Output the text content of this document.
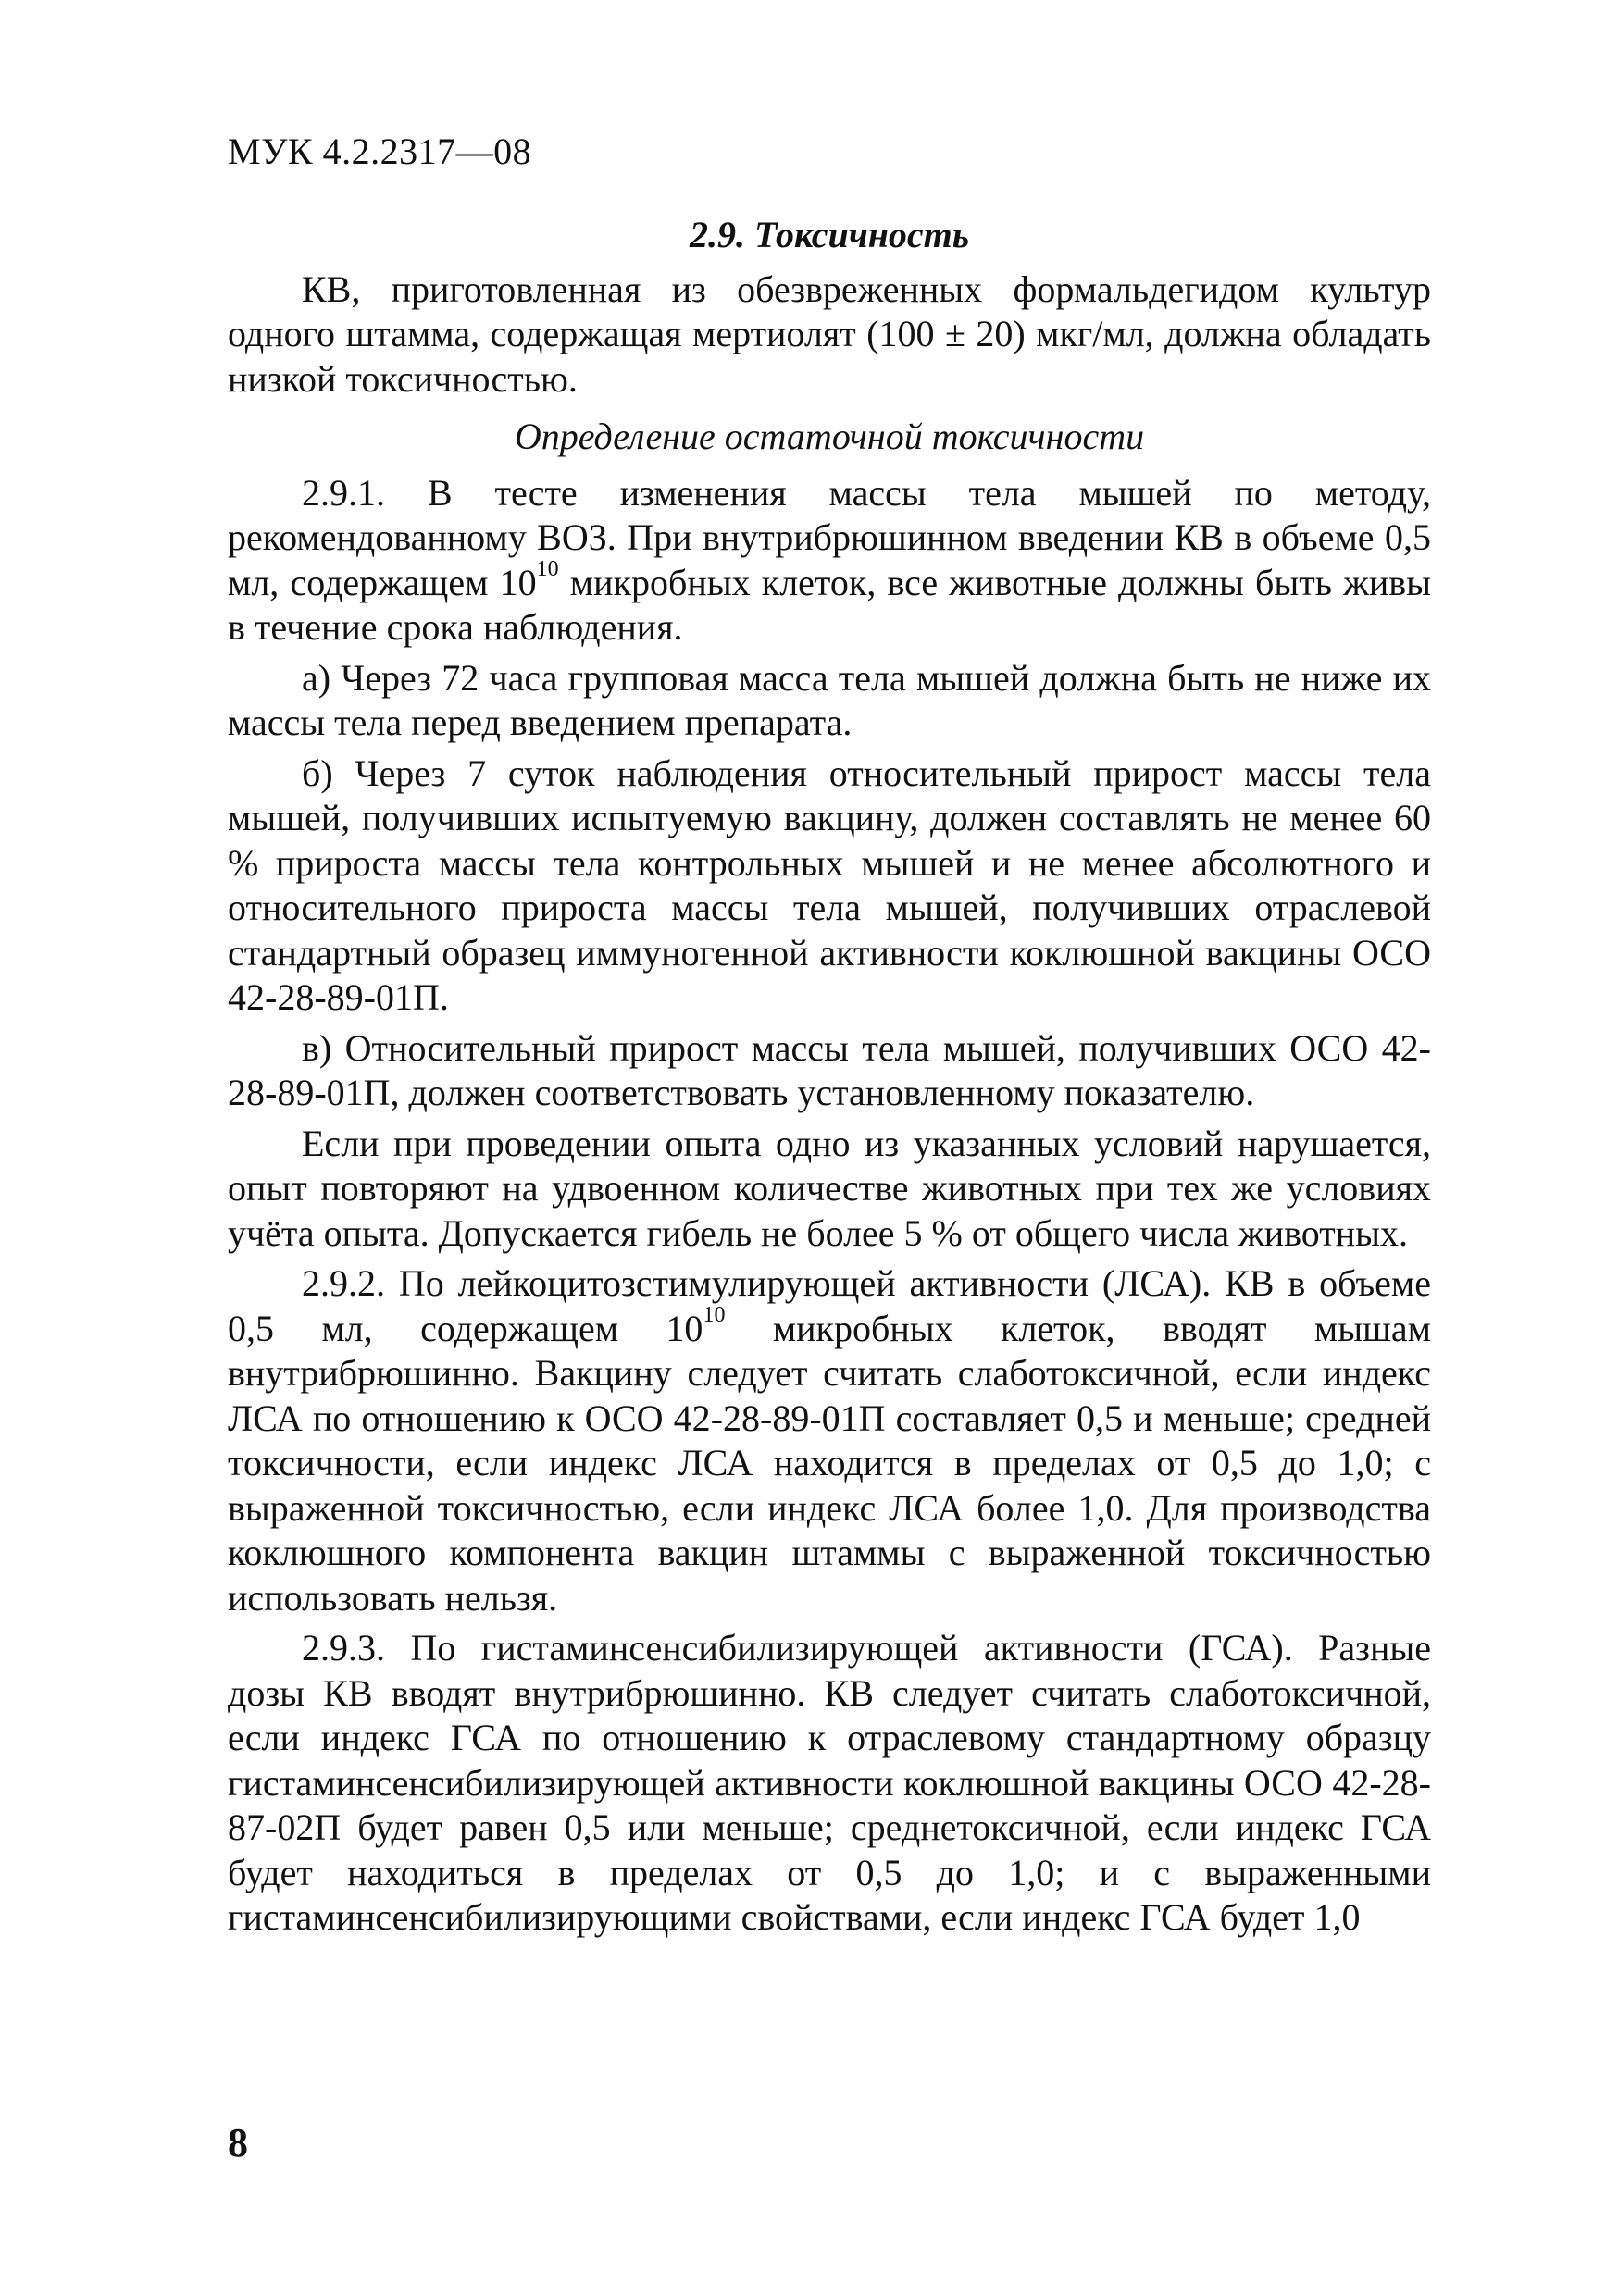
МУК 4.2.2317—08
2.9. Токсичность

КВ, приготовленная из обезвреженных формальдегидом культур одного штамма, содержащая мертиолят (100 ± 20) мкг/мл, должна обладать низкой токсичностью.

Определение остаточной токсичности

2.9.1. В тесте изменения массы тела мышей по методу, рекомендованному ВОЗ. При внутрибрюшинном введении КВ в объеме 0,5 мл, содержащем $10^{10}$ микробных клеток, все животные должны быть живы в течение срока наблюдения.

а) Через 72 часа групповая масса тела мышей должна быть не ниже их массы тела перед введением препарата.

б) Через 7 суток наблюдения относительный прирост массы тела мышей, получивших испытуемую вакцину, должен составлять не менее 60 % прироста массы тела контрольных мышей и не менее абсолютного и относительного прироста массы тела мышей, получивших отраслевой стандартный образец иммуногенной активности коклюшной вакцины ОСО 42-28-89-01П.

в) Относительный прирост массы тела мышей, получивших ОСО 42-28-89-01П, должен соответствовать установленному показателю.

Если при проведении опыта одно из указанных условий нарушается, опыт повторяют на удвоенном количестве животных при тех же условиях учёта опыта. Допускается гибель не более 5 % от общего числа животных.

2.9.2. По лейкоцитозстимулирующей активности (ЛСА). КВ в объеме 0,5 мл, содержащем $10^{10}$ микробных клеток, вводят мышам внутрибрюшинно. Вакцину следует считать слаботоксичной, если индекс ЛСА по отношению к ОСО 42-28-89-01П составляет 0,5 и меньше; средней токсичности, если индекс ЛСА находится в пределах от 0,5 до 1,0; с выраженной токсичностью, если индекс ЛСА более 1,0. Для производства коклюшного компонента вакцин штаммы с выраженной токсичностью использовать нельзя.

2.9.3. По гистаминсенсибилизирующей активности (ГСА). Разные дозы КВ вводят внутрибрюшинно. КВ следует считать слаботоксичной, если индекс ГСА по отношению к отраслевому стандартному образцу гистаминсенсибилизирующей активности коклюшной вакцины ОСО 42-28-87-02П будет равен 0,5 или меньше; среднетоксичной, если индекс ГСА будет находиться в пределах от 0,5 до 1,0; и с выраженными гистаминсенсибилизирующими свойствами, если индекс ГСА будет 1,0

8
